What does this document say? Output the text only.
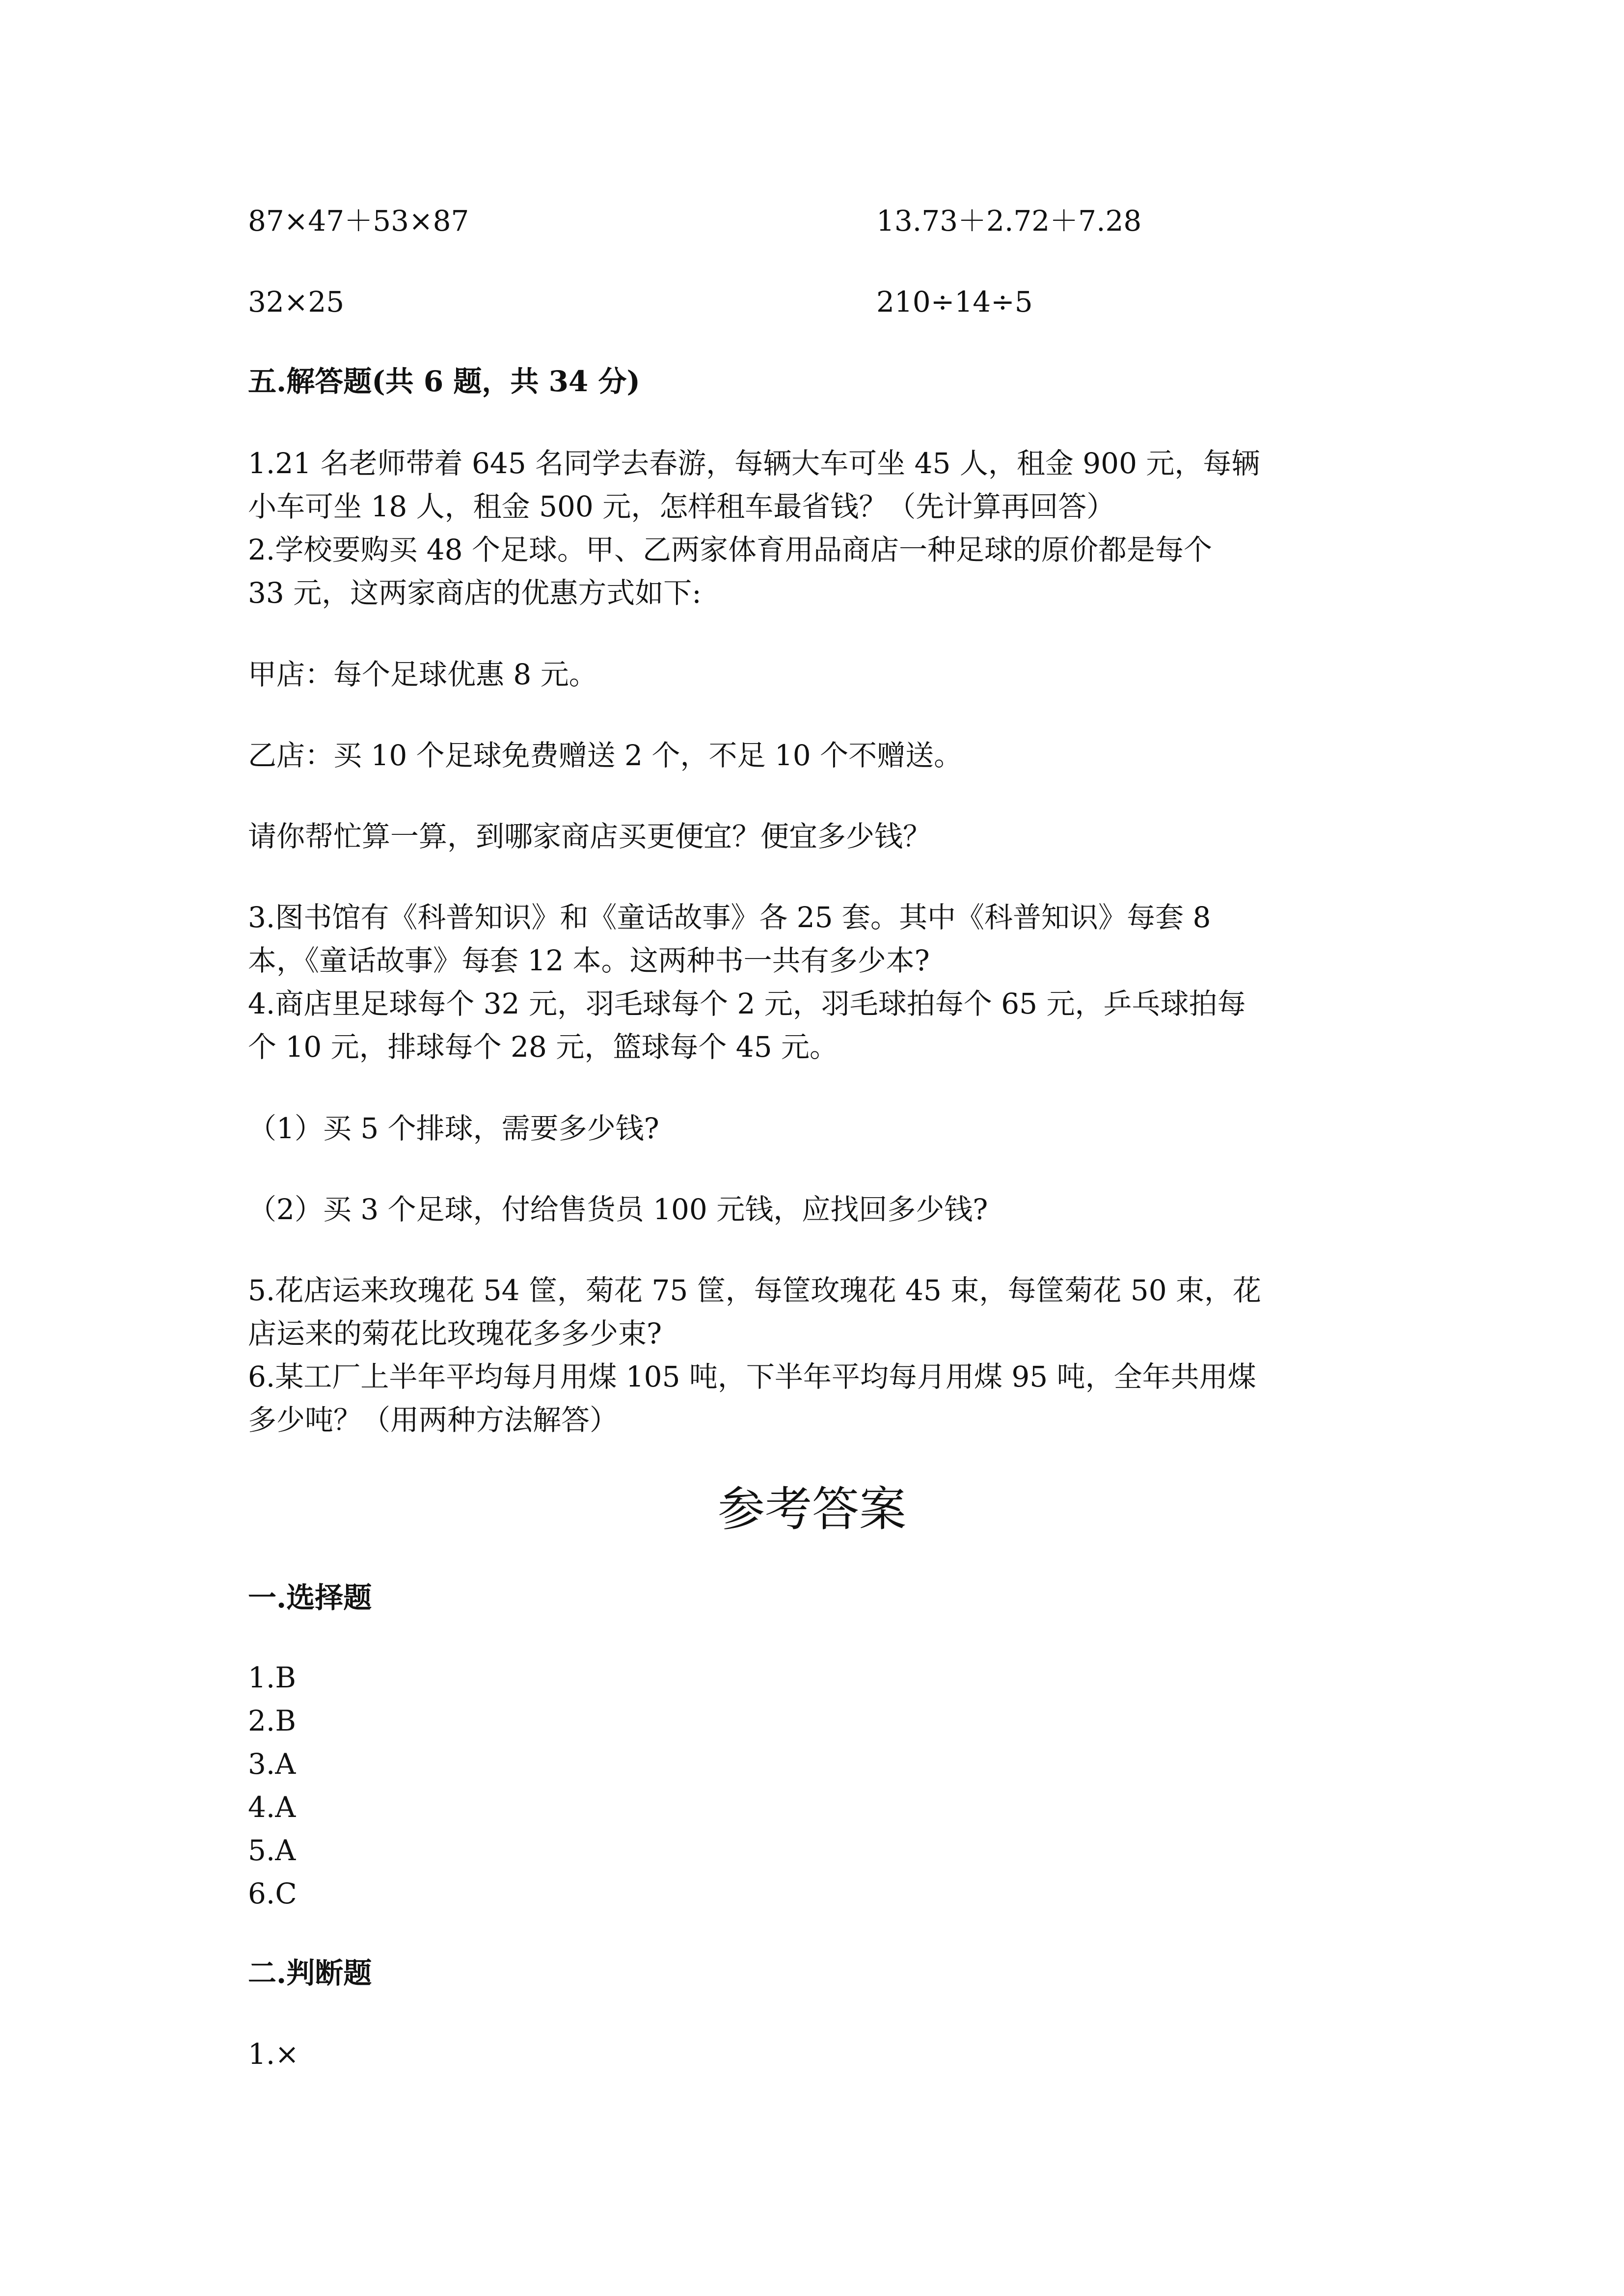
87×47＋53×87	13.73＋2.72＋7.28
32×25	210÷14÷5
五.解答题(共 6 题，共 34 分)
1.21 名老师带着 645 名同学去春游，每辆大车可坐 45 人，租金 900 元，每辆
小车可坐 18 人，租金 500 元，怎样租车最省钱？（先计算再回答）
2.学校要购买 48 个足球。甲、乙两家体育用品商店一种足球的原价都是每个
33 元，这两家商店的优惠方式如下:
甲店：每个足球优惠 8 元。
乙店：买 10 个足球免费赠送 2 个，不足 10 个不赠送。
请你帮忙算一算，到哪家商店买更便宜？便宜多少钱？
3.图书馆有《科普知识》和《童话故事》各 25 套。其中《科普知识》每套 8
本，《童话故事》每套 12 本。这两种书一共有多少本?
4.商店里足球每个 32 元，羽毛球每个 2 元，羽毛球拍每个 65 元，乒乓球拍每
个 10 元，排球每个 28 元，篮球每个 45 元。
（1）买 5 个排球，需要多少钱?
（2）买 3 个足球，付给售货员 100 元钱，应找回多少钱?
5.花店运来玫瑰花 54 筐，菊花 75 筐，每筐玫瑰花 45 束，每筐菊花 50 束，花
店运来的菊花比玫瑰花多多少束?
6.某工厂上半年平均每月用煤 105 吨，下半年平均每月用煤 95 吨，全年共用煤
多少吨？（用两种方法解答）
参考答案
一.选择题
1.B
2.B
3.A
4.A
5.A
6.C
二.判断题
1.×
